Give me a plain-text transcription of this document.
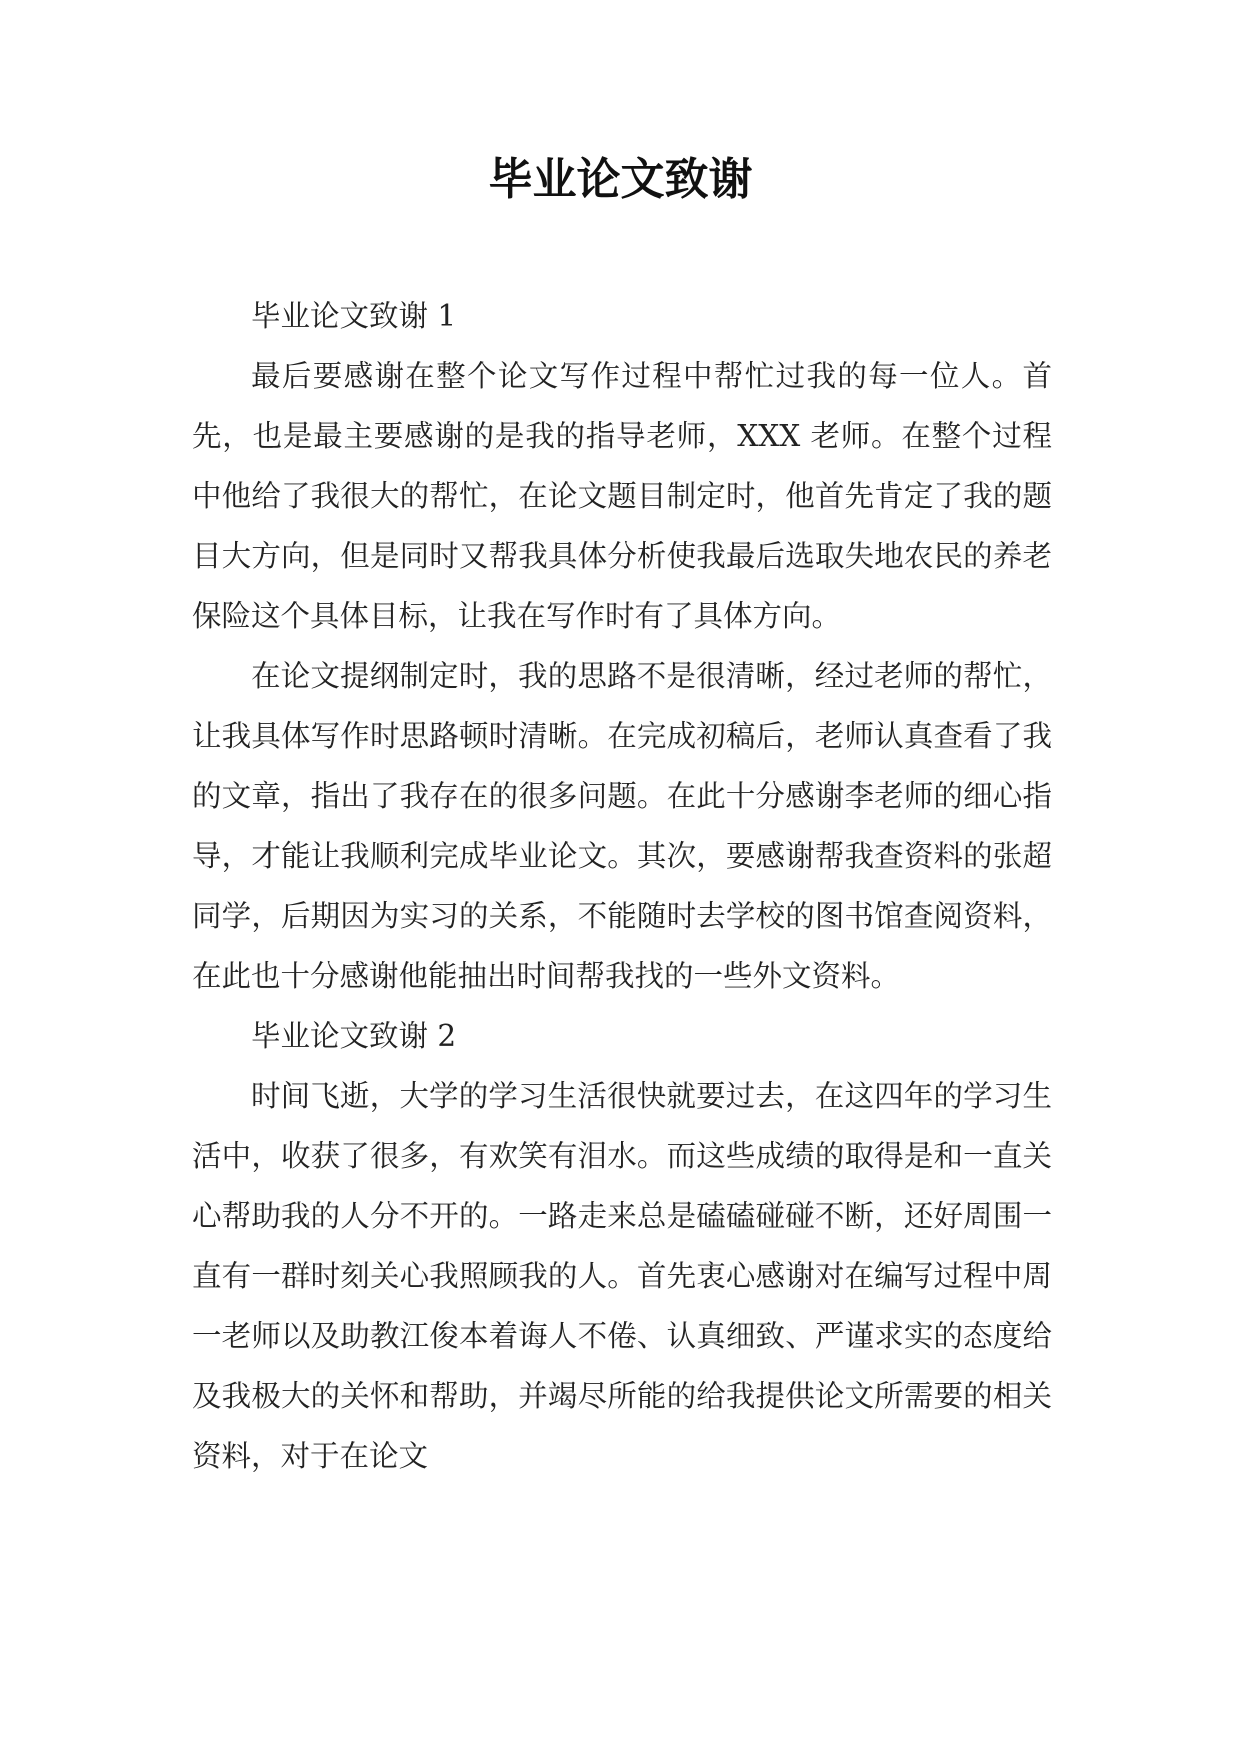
毕业论文致谢

毕业论文致谢 1

最后要感谢在整个论文写作过程中帮忙过我的每一位人。首先，也是最主要感谢的是我的指导老师，XXX 老师。在整个过程中他给了我很大的帮忙，在论文题目制定时，他首先肯定了我的题目大方向，但是同时又帮我具体分析使我最后选取失地农民的养老保险这个具体目标，让我在写作时有了具体方向。

在论文提纲制定时，我的思路不是很清晰，经过老师的帮忙，让我具体写作时思路顿时清晰。在完成初稿后，老师认真查看了我的文章，指出了我存在的很多问题。在此十分感谢李老师的细心指导，才能让我顺利完成毕业论文。其次，要感谢帮我查资料的张超同学，后期因为实习的关系，不能随时去学校的图书馆查阅资料，在此也十分感谢他能抽出时间帮我找的一些外文资料。

毕业论文致谢 2

时间飞逝，大学的学习生活很快就要过去，在这四年的学习生活中，收获了很多，有欢笑有泪水。而这些成绩的取得是和一直关心帮助我的人分不开的。一路走来总是磕磕碰碰不断，还好周围一直有一群时刻关心我照顾我的人。首先衷心感谢对在编写过程中周一老师以及助教江俊本着诲人不倦、认真细致、严谨求实的态度给及我极大的关怀和帮助，并竭尽所能的给我提供论文所需要的相关资料，对于在论文
